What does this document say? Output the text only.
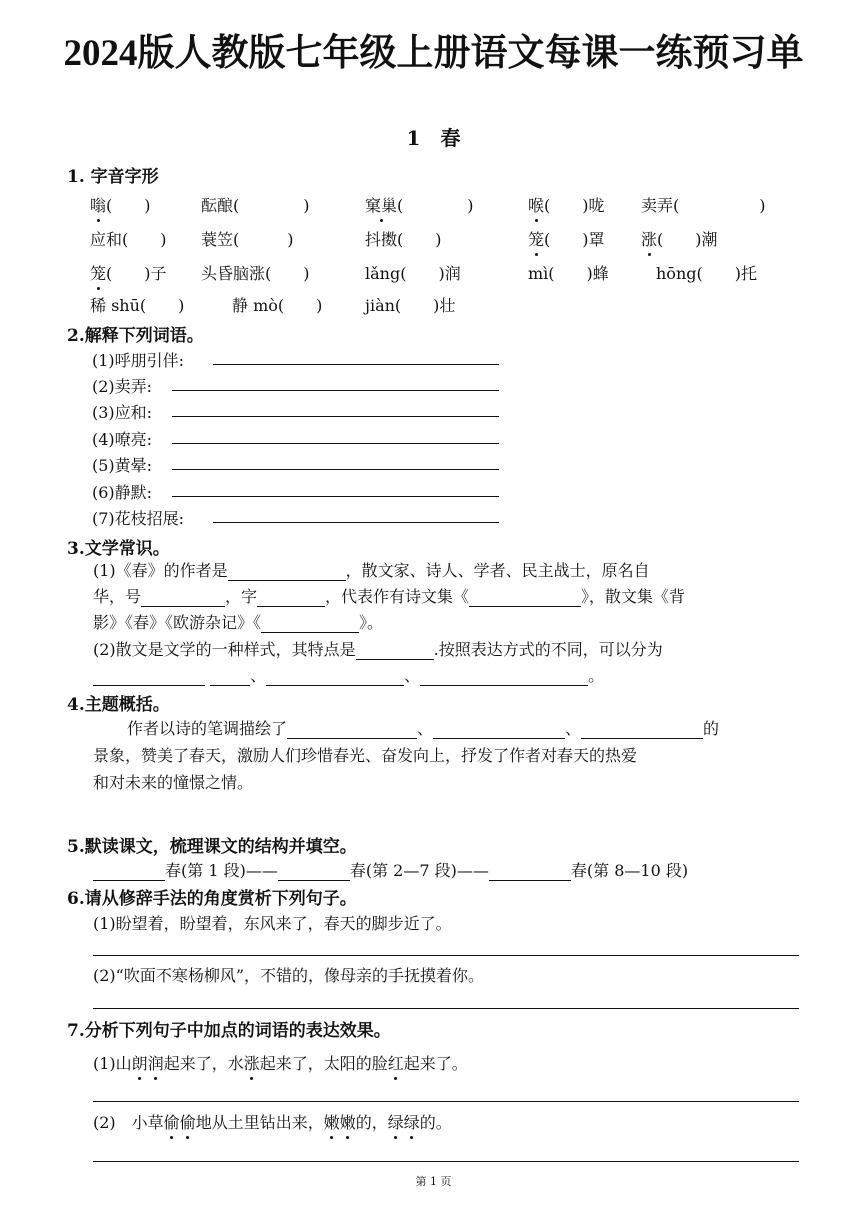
2024版人教版七年级上册语文每课一练预习单
1　春
1. 字音字形
嗡(　　)	酝酿(　　　　)	窠巢(　　　　)	喉(　　)咙 卖弄(　　　　　)
应和(　　) 蓑笠(　　　)	抖擞(　　)	笼(　　)罩 涨(　　)潮
笼(　　)子 头昏脑涨(　　)	lǎng(　　)润	mì(　　)蜂	hōng(　　)托
稀 shū(　　)	静 mò(　　)	jiàn(　　)壮
2.解释下列词语。
(1)呼朋引伴:
(2)卖弄:
(3)应和:
(4)嘹亮:
(5)黄晕:
(6)静默:
(7)花枝招展:
3.文学常识。
(1)《春》的作者是	，散文家、诗人、学者、民主战士，原名自
华，号	，字	，代表作有诗文集《	》，散文集《背
影》《春》《欧游杂记》《	》。
(2)散文是文学的一种样式，其特点是	.按照表达方式的不同，可以分为
、	、	。
4.主题概括。
作者以诗的笔调描绘了	、	、	的
景象，赞美了春天，激励人们珍惜春光、奋发向上，抒发了作者对春天的热爱
和对未来的憧憬之情。
5.默读课文，梳理课文的结构并填空。
春(第 1 段)——	春(第 2—7 段)——	春(第 8—10 段)
6.请从修辞手法的角度赏析下列句子。
(1)盼望着，盼望着，东风来了，春天的脚步近了。
(2)“吹面不寒杨柳风”，不错的，像母亲的手抚摸着你。
7.分析下列句子中加点的词语的表达效果。
(1)山朗润起来了，水涨起来了，太阳的脸红起来了。
(2)　小草偷偷地从土里钻出来，嫩嫩的，绿绿的。
第 1 页
